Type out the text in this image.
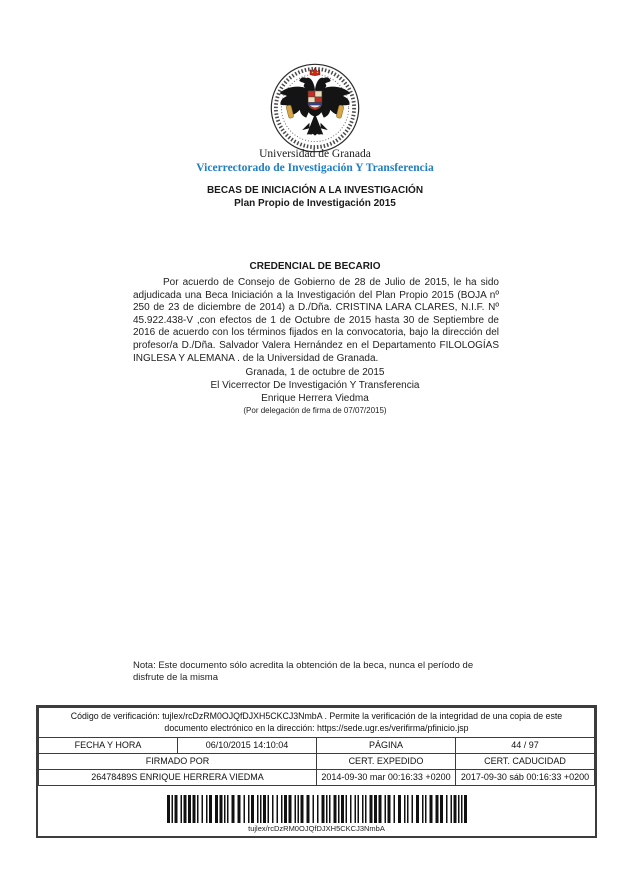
Universidad de Granada
Vicerrectorado de Investigación Y Transferencia
BECAS DE INICIACIÓN A LA INVESTIGACIÓN
Plan Propio de Investigación 2015
CREDENCIAL DE BECARIO

Por acuerdo de Consejo de Gobierno de 28 de Julio de 2015, le ha sido adjudicada una Beca Iniciación a la Investigación del Plan Propio 2015 (BOJA nº 250 de 23 de diciembre de 2014) a D./Dña. CRISTINA LARA CLARES, N.I.F. Nº 45.922.438-V ,con efectos de 1 de Octubre de 2015 hasta 30 de Septiembre de 2016 de acuerdo con los términos fijados en la convocatoria, bajo la dirección del profesor/a D./Dña. Salvador Valera Hernández en el Departamento FILOLOGÍAS INGLESA Y ALEMANA . de la Universidad de Granada.

Granada, 1 de octubre de 2015
El Vicerrector De Investigación Y Transferencia
Enrique Herrera Viedma
(Por delegación de firma de 07/07/2015)
Nota: Este documento sólo acredita la obtención de la beca, nunca el período de disfrute de la misma
Código de verificación: tujlex/rcDzRM0OJQfDJXH5CKCJ3NmbA . Permite la verificación de la integridad de una copia de este documento electrónico en la dirección: https://sede.ugr.es/verifirma/pfinicio.jsp			
FECHA Y HORA	06/10/2015 14:10:04	PÁGINA	44 / 97
FIRMADO POR		CERT. EXPEDIDO	CERT. CADUCIDAD
26478489S ENRIQUE HERRERA VIEDMA		2014-09-30 mar 00:16:33 +0200	2017-09-30 sáb 00:16:33 +0200
tujlex/rcDzRM0OJQfDJXH5CKCJ3NmbA
